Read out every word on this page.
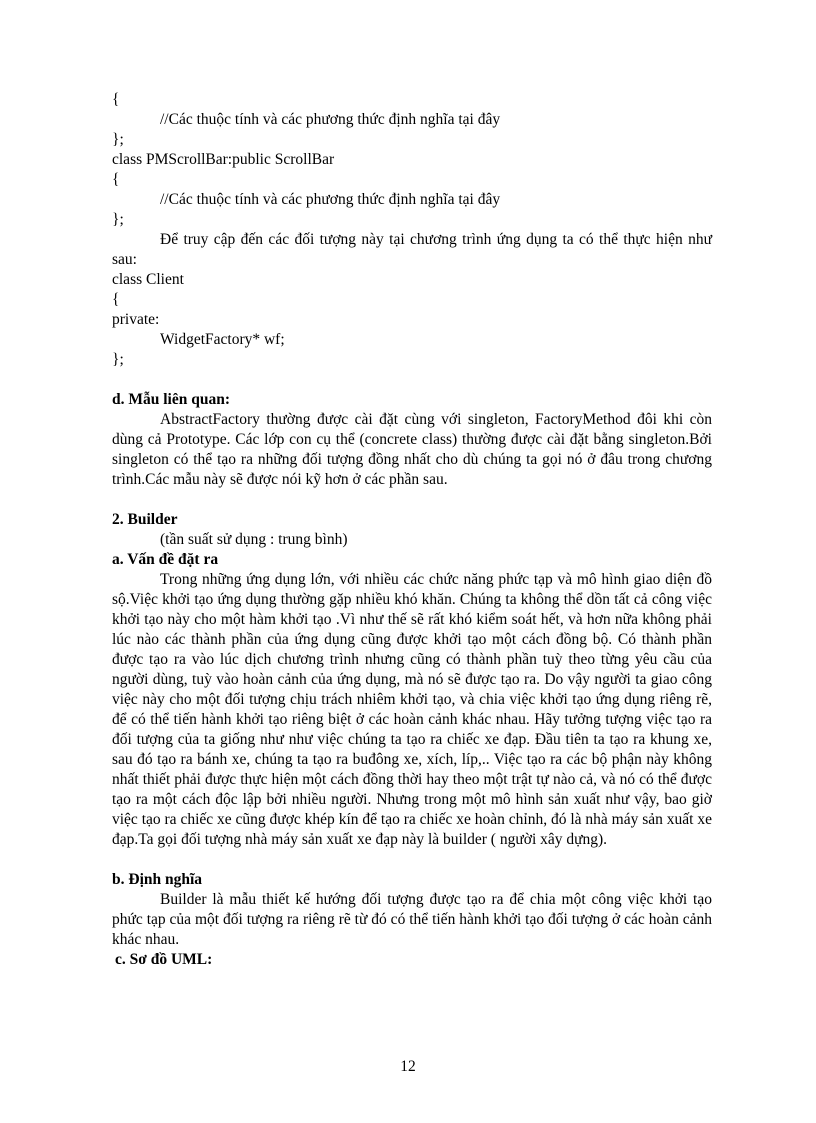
{
//Các thuộc tính và các phương thức định nghĩa tại đây
};
class PMScrollBar:public ScrollBar
{
//Các thuộc tính và các phương thức định nghĩa tại đây
};

Để truy cập đến các đối tượng này tại chương trình ứng dụng ta có thể thực hiện như sau:

class Client
{
private:
WidgetFactory* wf;
};
d. Mẫu liên quan:

AbstractFactory thường được cài đặt cùng với singleton, FactoryMethod đôi khi còn dùng cả Prototype. Các lớp con cụ thể (concrete class) thường được cài đặt bằng singleton.Bởi singleton có thể tạo ra những đối tượng đồng nhất cho dù chúng ta gọi nó ở đâu trong chương trình.Các mẫu này sẽ được nói kỹ hơn ở các phần sau.

2. Builder
(tần suất sử dụng : trung bình)
a. Vấn đề đặt ra

Trong những ứng dụng lớn, với nhiều các chức năng phức tạp và mô hình giao diện đồ sộ.Việc khởi tạo ứng dụng thường gặp nhiều khó khăn. Chúng ta không thể dồn tất cả công việc khởi tạo này cho một hàm khởi tạo .Vì như thế sẽ rất khó kiểm soát hết, và hơn nữa không phải lúc nào các thành phần của ứng dụng cũng được khởi tạo một cách đồng bộ. Có thành phần được tạo ra vào lúc dịch chương trình nhưng cũng có thành phần tuỳ theo từng yêu cầu của người dùng, tuỳ vào hoàn cảnh của ứng dụng, mà nó sẽ được tạo ra. Do vậy người ta giao công việc này cho một đối tượng chịu trách nhiêm khởi tạo, và chia việc khởi tạo ứng dụng riêng rẽ, để có thể tiến hành khởi tạo riêng biệt ở các hoàn cảnh khác nhau. Hãy tưởng tượng việc tạo ra đối tượng của ta giống như như việc chúng ta tạo ra chiếc xe đạp. Đầu tiên ta tạo ra khung xe, sau đó tạo ra bánh xe, chúng ta tạo ra buđông xe, xích, líp,.. Việc tạo ra các bộ phận này không nhất thiết phải được thực hiện một cách đồng thời hay theo một trật tự nào cả, và nó có thể được tạo ra một cách độc lập bởi nhiều người. Nhưng trong một mô hình sản xuất như vậy, bao giờ việc tạo ra chiếc xe cũng được khép kín để tạo ra chiếc xe hoàn chỉnh, đó là nhà máy sản xuất xe đạp.Ta gọi đối tượng nhà máy sản xuất xe đạp này là builder ( người xây dựng).

b. Định nghĩa

Builder là mẫu thiết kế hướng đối tượng được tạo ra để chia một công việc khởi tạo phức tạp của một đối tượng ra riêng rẽ từ đó có thể tiến hành khởi tạo đối tượng ở các hoàn cảnh khác nhau.

c. Sơ đồ UML:
12
